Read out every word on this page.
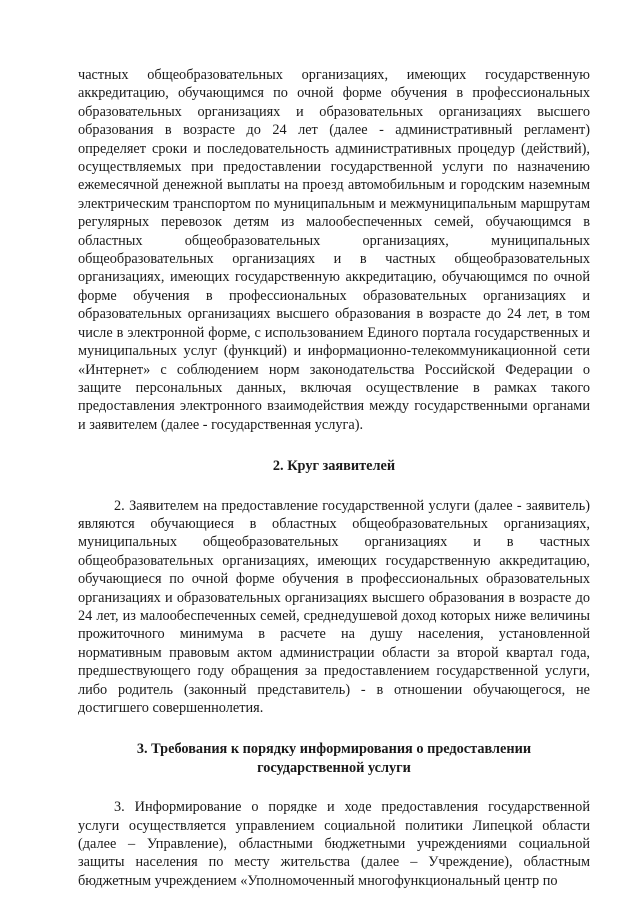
частных общеобразовательных организациях, имеющих государственную аккредитацию, обучающимся по очной форме обучения в профессиональных образовательных организациях и образовательных организациях высшего образования в возрасте до 24 лет (далее - административный регламент) определяет сроки и последовательность административных процедур (действий), осуществляемых при предоставлении государственной услуги по назначению ежемесячной денежной выплаты на проезд автомобильным и городским наземным электрическим транспортом по муниципальным и межмуниципальным маршрутам регулярных перевозок детям из малообеспеченных семей, обучающимся в областных общеобразовательных организациях, муниципальных общеобразовательных организациях и в частных общеобразовательных организациях, имеющих государственную аккредитацию, обучающимся по очной форме обучения в профессиональных образовательных организациях и образовательных организациях высшего образования в возрасте до 24 лет, в том числе в электронной форме, с использованием Единого портала государственных и муниципальных услуг (функций) и информационно-телекоммуникационной сети «Интернет» с соблюдением норм законодательства Российской Федерации о защите персональных данных, включая осуществление в рамках такого предоставления электронного взаимодействия между государственными органами и заявителем (далее - государственная услуга).

2. Круг заявителей

2. Заявителем на предоставление государственной услуги (далее - заявитель) являются обучающиеся в областных общеобразовательных организациях, муниципальных общеобразовательных организациях и в частных общеобразовательных организациях, имеющих государственную аккредитацию, обучающиеся по очной форме обучения в профессиональных образовательных организациях и образовательных организациях высшего образования в возрасте до 24 лет, из малообеспеченных семей, среднедушевой доход которых ниже величины прожиточного минимума в расчете на душу населения, установленной нормативным правовым актом администрации области за второй квартал года, предшествующего году обращения за предоставлением государственной услуги, либо родитель (законный представитель) - в отношении обучающегося, не достигшего совершеннолетия.

3. Требования к порядку информирования о предоставлении
государственной услуги

3. Информирование о порядке и ходе предоставления государственной услуги осуществляется управлением социальной политики Липецкой области (далее – Управление), областными бюджетными учреждениями социальной защиты населения по месту жительства (далее – Учреждение), областным бюджетным учреждением «Уполномоченный многофункциональный центр по
